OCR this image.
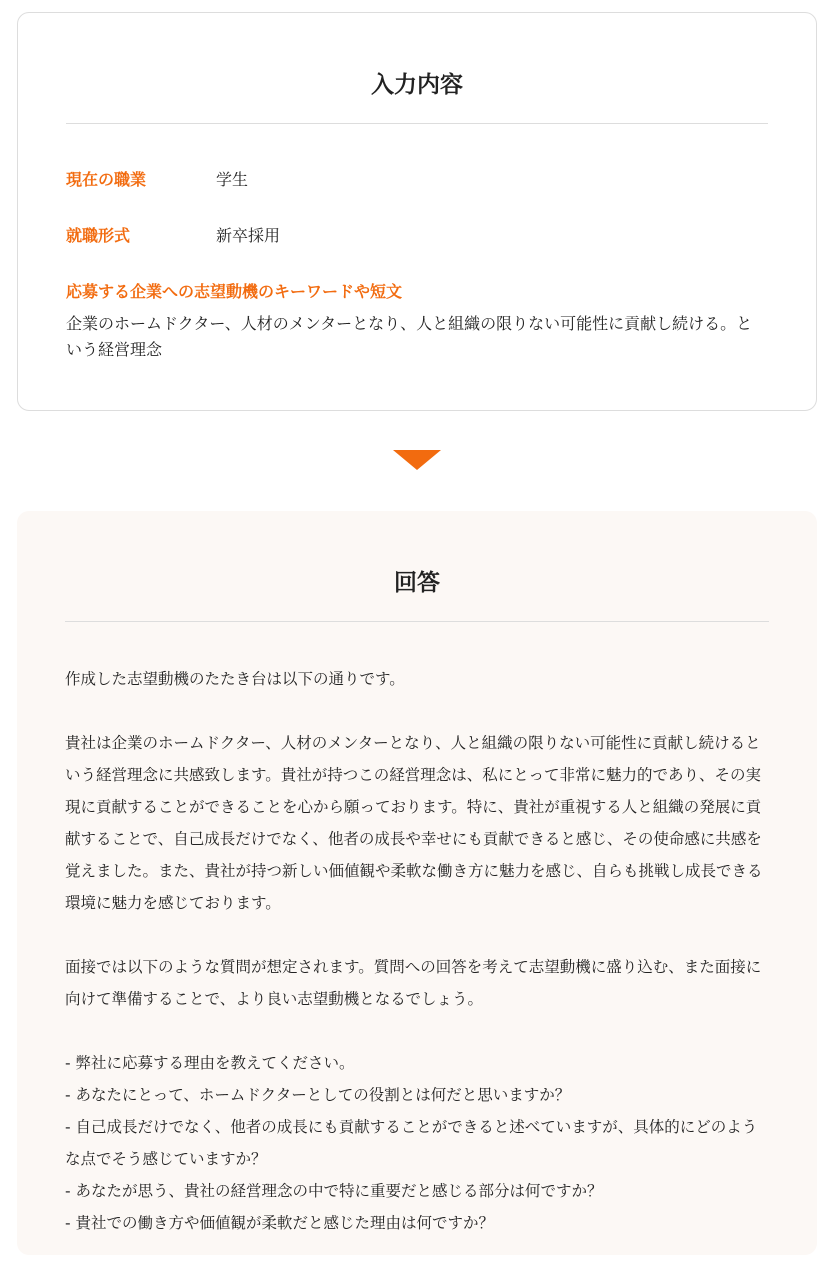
入力内容
現在の職業	学生
就職形式	新卒採用
応募する企業への志望動機のキーワードや短文
企業のホームドクター、人材のメンターとなり、人と組織の限りない可能性に貢献し続ける。という経営理念
回答

作成した志望動機のたたき台は以下の通りです。

貴社は企業のホームドクター、人材のメンターとなり、人と組織の限りない可能性に貢献し続けるという経営理念に共感致します。貴社が持つこの経営理念は、私にとって非常に魅力的であり、その実現に貢献することができることを心から願っております。特に、貴社が重視する人と組織の発展に貢献することで、自己成長だけでなく、他者の成長や幸せにも貢献できると感じ、その使命感に共感を覚えました。また、貴社が持つ新しい価値観や柔軟な働き方に魅力を感じ、自らも挑戦し成長できる環境に魅力を感じております。

面接では以下のような質問が想定されます。質問への回答を考えて志望動機に盛り込む、また面接に向けて準備することで、より良い志望動機となるでしょう。

- 弊社に応募する理由を教えてください。

- あなたにとって、ホームドクターとしての役割とは何だと思いますか？

- 自己成長だけでなく、他者の成長にも貢献することができると述べていますが、具体的にどのような点でそう感じていますか？

- あなたが思う、貴社の経営理念の中で特に重要だと感じる部分は何ですか？

- 貴社での働き方や価値観が柔軟だと感じた理由は何ですか？
